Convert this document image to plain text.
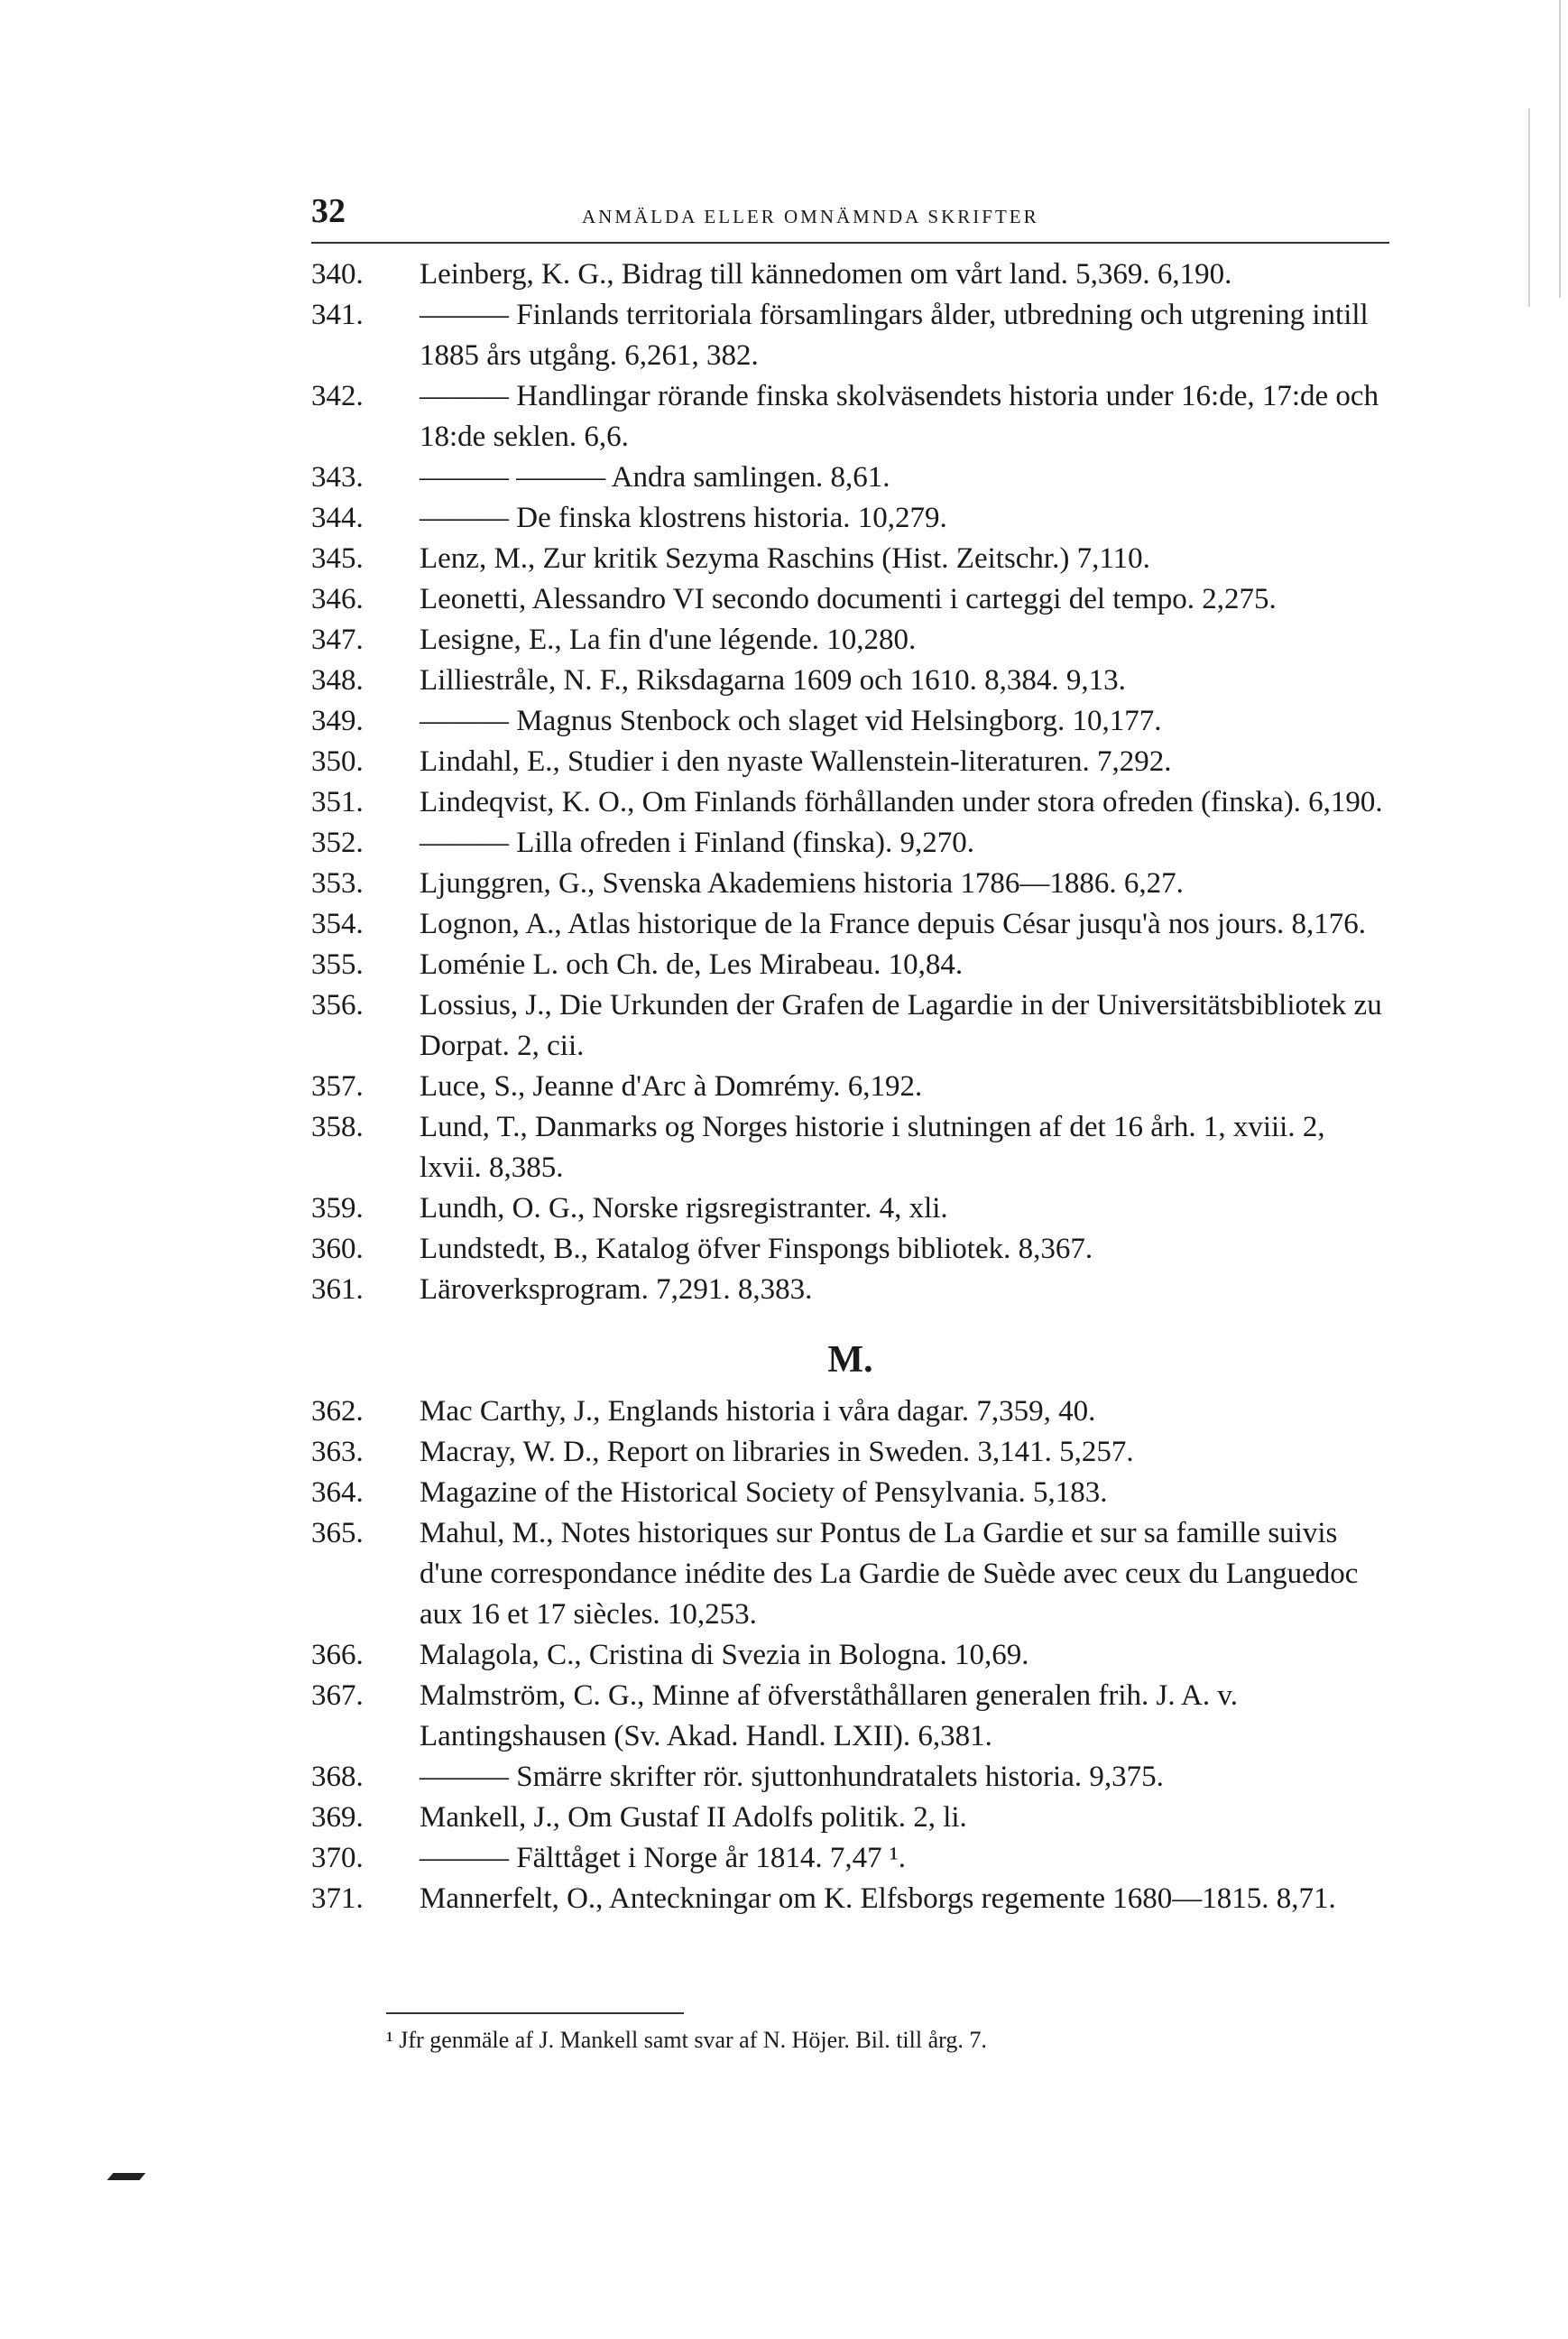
32	ANMÄLDA ELLER OMNÄMNDA SKRIFTER
340.	Leinberg, K. G., Bidrag till kännedomen om vårt land. 5,369. 6,190.
341.	——— Finlands territoriala församlingars ålder, utbredning och utgrening intill 1885 års utgång. 6,261, 382.
342.	——— Handlingar rörande finska skolväsendets historia under 16:de, 17:de och 18:de seklen. 6,6.
343.	——— ——— Andra samlingen. 8,61.
344.	——— De finska klostrens historia. 10,279.
345.	Lenz, M., Zur kritik Sezyma Raschins (Hist. Zeitschr.) 7,110.
346.	Leonetti, Alessandro VI secondo documenti i carteggi del tempo. 2,275.
347.	Lesigne, E., La fin d'une légende. 10,280.
348.	Lilliestråle, N. F., Riksdagarna 1609 och 1610. 8,384. 9,13.
349.	——— Magnus Stenbock och slaget vid Helsingborg. 10,177.
350.	Lindahl, E., Studier i den nyaste Wallenstein-literaturen. 7,292.
351.	Lindeqvist, K. O., Om Finlands förhållanden under stora ofreden (finska). 6,190.
352.	——— Lilla ofreden i Finland (finska). 9,270.
353.	Ljunggren, G., Svenska Akademiens historia 1786—1886. 6,27.
354.	Lognon, A., Atlas historique de la France depuis César jusqu'à nos jours. 8,176.
355.	Loménie L. och Ch. de, Les Mirabeau. 10,84.
356.	Lossius, J., Die Urkunden der Grafen de Lagardie in der Universitätsbibliotek zu Dorpat. 2, cii.
357.	Luce, S., Jeanne d'Arc à Domrémy. 6,192.
358.	Lund, T., Danmarks og Norges historie i slutningen af det 16 årh. 1, xviii. 2, lxvii. 8,385.
359.	Lundh, O. G., Norske rigsregistranter. 4, xli.
360.	Lundstedt, B., Katalog öfver Finspongs bibliotek. 8,367.
361.	Läroverksprogram. 7,291. 8,383.
M.
362.	Mac Carthy, J., Englands historia i våra dagar. 7,359, 40.
363.	Macray, W. D., Report on libraries in Sweden. 3,141. 5,257.
364.	Magazine of the Historical Society of Pensylvania. 5,183.
365.	Mahul, M., Notes historiques sur Pontus de La Gardie et sur sa famille suivis d'une correspondance inédite des La Gardie de Suède avec ceux du Languedoc aux 16 et 17 siècles. 10,253.
366.	Malagola, C., Cristina di Svezia in Bologna. 10,69.
367.	Malmström, C. G., Minne af öfverståthållaren generalen frih. J. A. v. Lantingshausen (Sv. Akad. Handl. LXII). 6,381.
368.	——— Smärre skrifter rör. sjuttonhundratalets historia. 9,375.
369.	Mankell, J., Om Gustaf II Adolfs politik. 2, li.
370.	——— Fälttåget i Norge år 1814. 7,47 ¹.
371.	Mannerfelt, O., Anteckningar om K. Elfsborgs regemente 1680—1815. 8,71.
¹ Jfr genmäle af J. Mankell samt svar af N. Höjer. Bil. till årg. 7.
